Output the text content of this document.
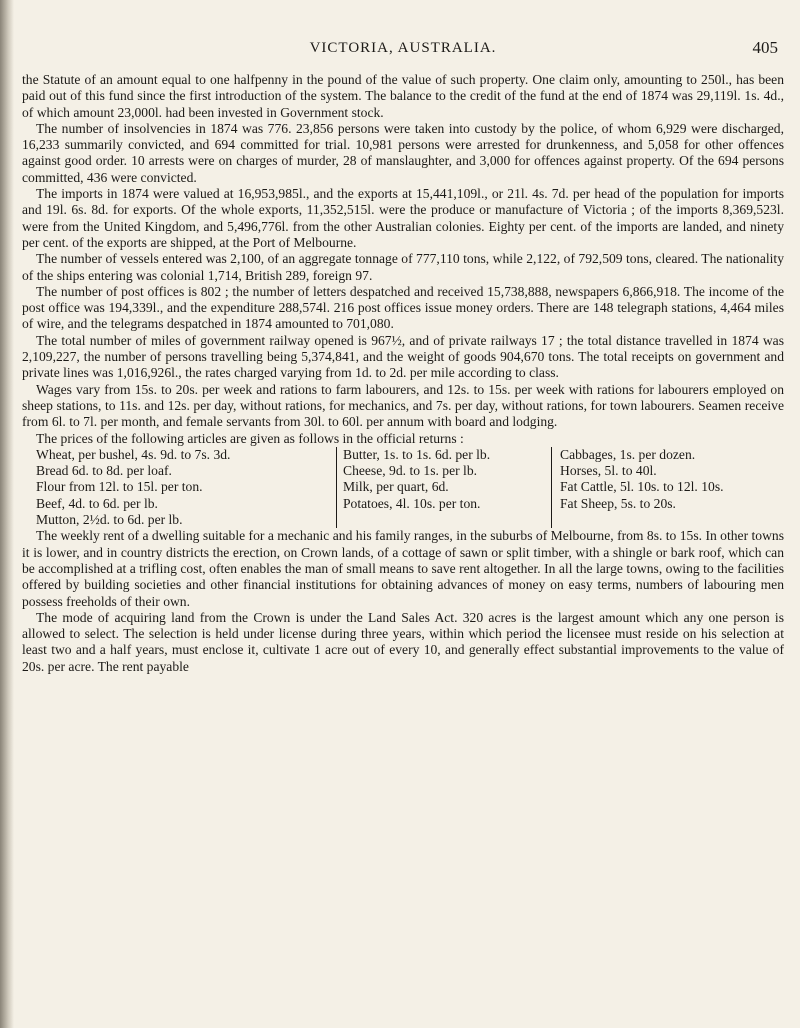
VICTORIA, AUSTRALIA.	405

the Statute of an amount equal to one halfpenny in the pound of the value of such property. One claim only, amounting to 250l., has been paid out of this fund since the first introduction of the system. The balance to the credit of the fund at the end of 1874 was 29,119l. 1s. 4d., of which amount 23,000l. had been invested in Government stock.

The number of insolvencies in 1874 was 776. 23,856 persons were taken into custody by the police, of whom 6,929 were discharged, 16,233 summarily convicted, and 694 committed for trial. 10,981 persons were arrested for drunkenness, and 5,058 for other offences against good order. 10 arrests were on charges of murder, 28 of manslaughter, and 3,000 for offences against property. Of the 694 persons committed, 436 were convicted.

The imports in 1874 were valued at 16,953,985l., and the exports at 15,441,109l., or 21l. 4s. 7d. per head of the population for imports and 19l. 6s. 8d. for exports. Of the whole exports, 11,352,515l. were the produce or manufacture of Victoria ; of the imports 8,369,523l. were from the United Kingdom, and 5,496,776l. from the other Australian colonies. Eighty per cent. of the imports are landed, and ninety per cent. of the exports are shipped, at the Port of Melbourne.

The number of vessels entered was 2,100, of an aggregate tonnage of 777,110 tons, while 2,122, of 792,509 tons, cleared. The nationality of the ships entering was colonial 1,714, British 289, foreign 97.

The number of post offices is 802 ; the number of letters despatched and received 15,738,888, newspapers 6,866,918. The income of the post office was 194,339l., and the expenditure 288,574l. 216 post offices issue money orders. There are 148 telegraph stations, 4,464 miles of wire, and the telegrams despatched in 1874 amounted to 701,080.

The total number of miles of government railway opened is 967½, and of private railways 17 ; the total distance travelled in 1874 was 2,109,227, the number of persons travelling being 5,374,841, and the weight of goods 904,670 tons. The total receipts on government and private lines was 1,016,926l., the rates charged varying from 1d. to 2d. per mile according to class.

Wages vary from 15s. to 20s. per week and rations to farm labourers, and 12s. to 15s. per week with rations for labourers employed on sheep stations, to 11s. and 12s. per day, without rations, for mechanics, and 7s. per day, without rations, for town labourers. Seamen receive from 6l. to 7l. per month, and female servants from 30l. to 60l. per annum with board and lodging.

The prices of the following articles are given as follows in the official returns :

Wheat, per bushel, 4s. 9d. to 7s. 3d.
Bread 6d. to 8d. per loaf.
Flour from 12l. to 15l. per ton.
Beef, 4d. to 6d. per lb.
Mutton, 2½d. to 6d. per lb.
Butter, 1s. to 1s. 6d. per lb.
Cheese, 9d. to 1s. per lb.
Milk, per quart, 6d.
Potatoes, 4l. 10s. per ton.
Cabbages, 1s. per dozen.
Horses, 5l. to 40l.
Fat Cattle, 5l. 10s. to 12l. 10s.
Fat Sheep, 5s. to 20s.

The weekly rent of a dwelling suitable for a mechanic and his family ranges, in the suburbs of Melbourne, from 8s. to 15s. In other towns it is lower, and in country districts the erection, on Crown lands, of a cottage of sawn or split timber, with a shingle or bark roof, which can be accomplished at a trifling cost, often enables the man of small means to save rent altogether. In all the large towns, owing to the facilities offered by building societies and other financial institutions for obtaining advances of money on easy terms, numbers of labouring men possess freeholds of their own.

The mode of acquiring land from the Crown is under the Land Sales Act. 320 acres is the largest amount which any one person is allowed to select. The selection is held under license during three years, within which period the licensee must reside on his selection at least two and a half years, must enclose it, cultivate 1 acre out of every 10, and generally effect substantial improvements to the value of 20s. per acre. The rent payable
